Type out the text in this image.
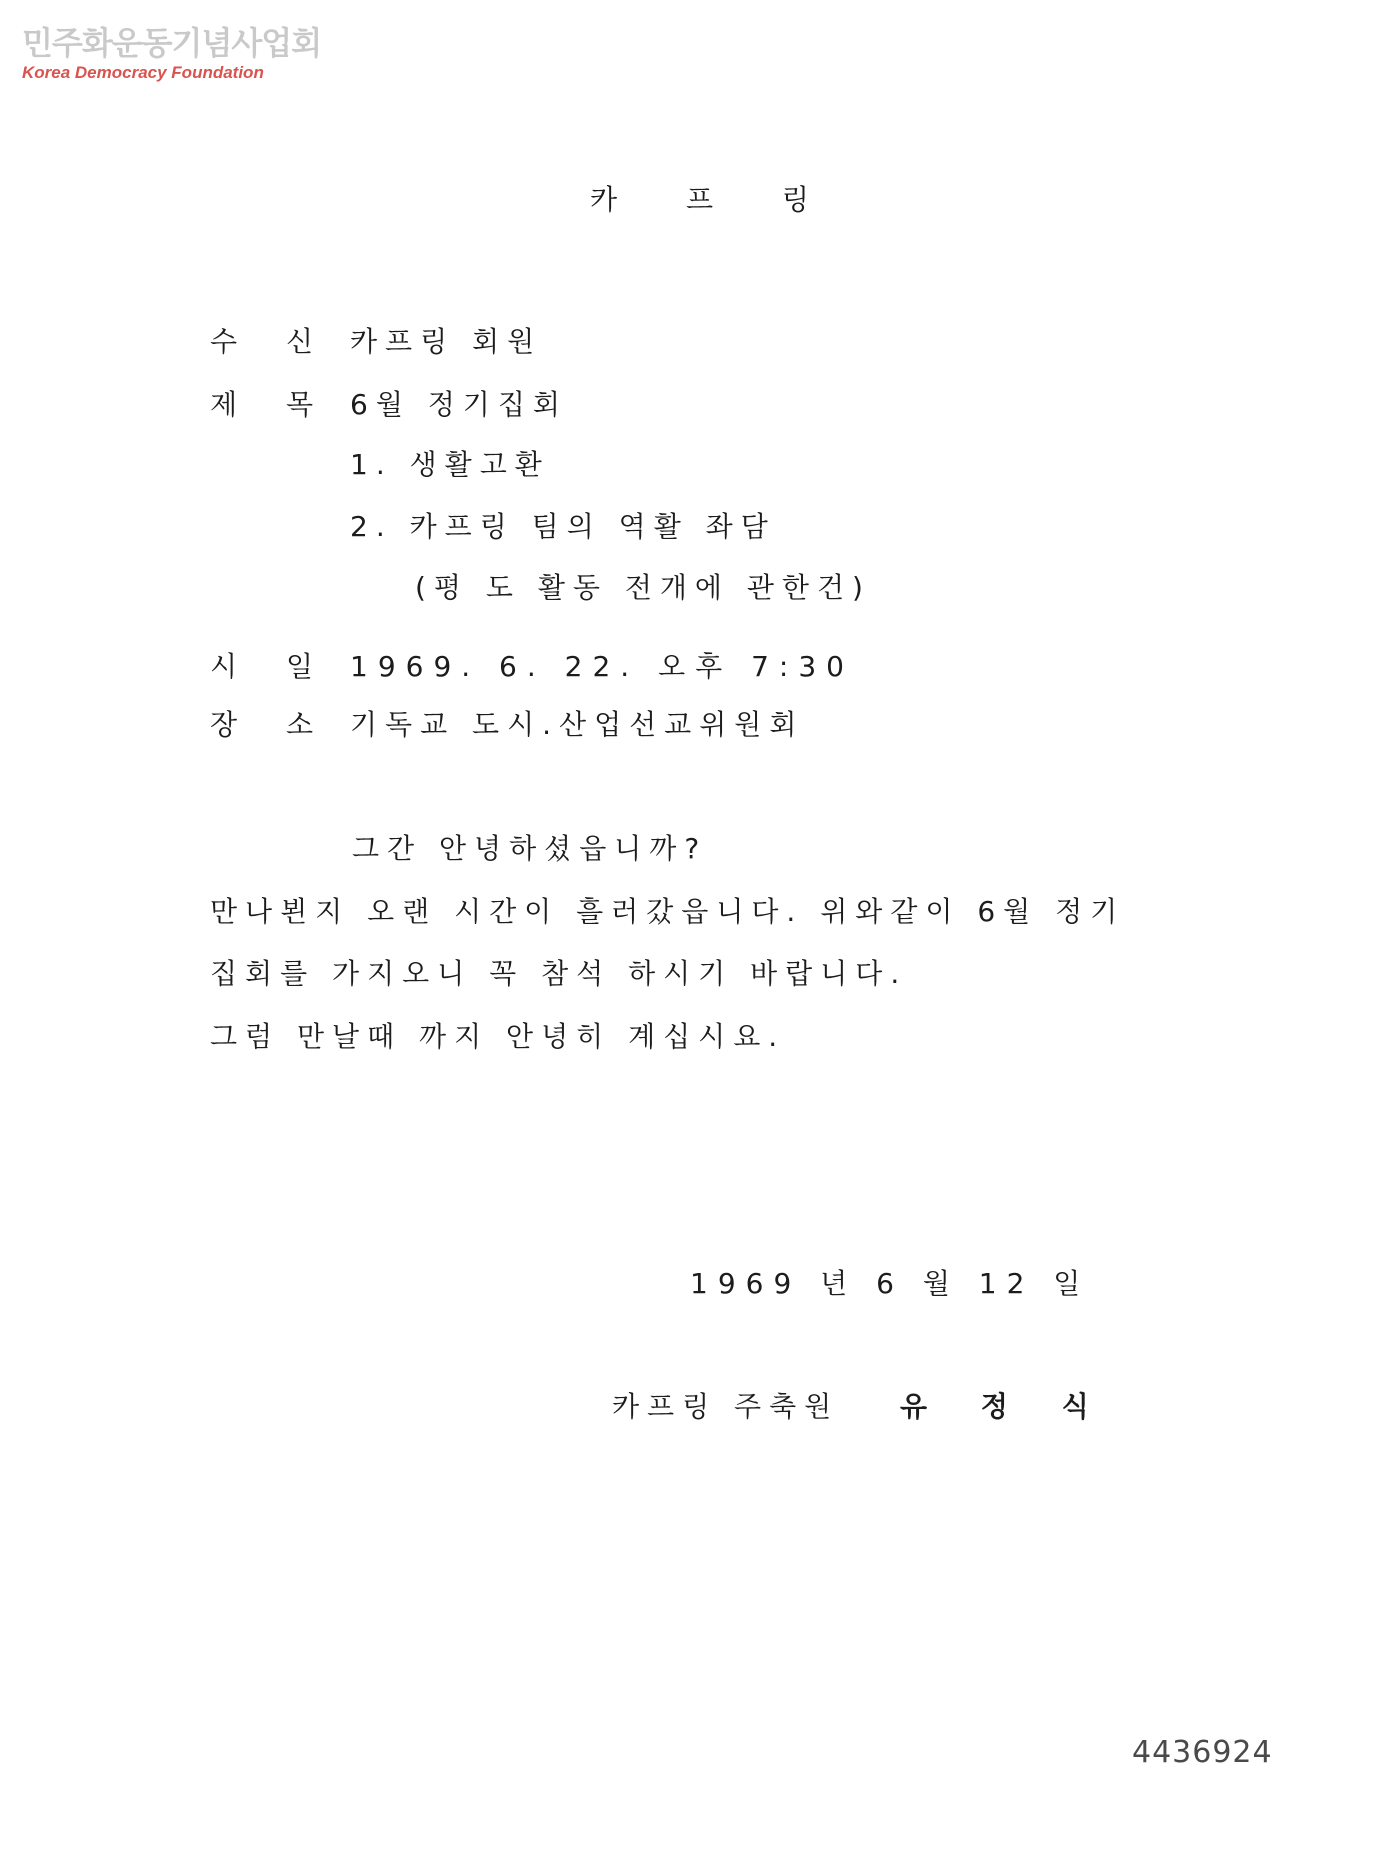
민주화운동기념사업회
Korea Democracy Foundation
카 프 링
수 신 카프링 회원
제 목 6월 정기집회
1. 생활고환
2. 카프링 팀의 역활 좌담
(평 도 활동 전개에 관한건)
시 일 1969. 6. 22. 오후 7:30
장 소 기독교 도시.산업선교위원회
그간 안녕하셨읍니까?
만나뵌지 오랜 시간이 흘러갔읍니다. 위와같이 6월 정기
집회를 가지오니 꼭 참석 하시기 바랍니다.
그럼 만날때 까지 안녕히 계십시요.
1969 년 6 월 12 일
카프링 주축원 유 정 식
4436924
